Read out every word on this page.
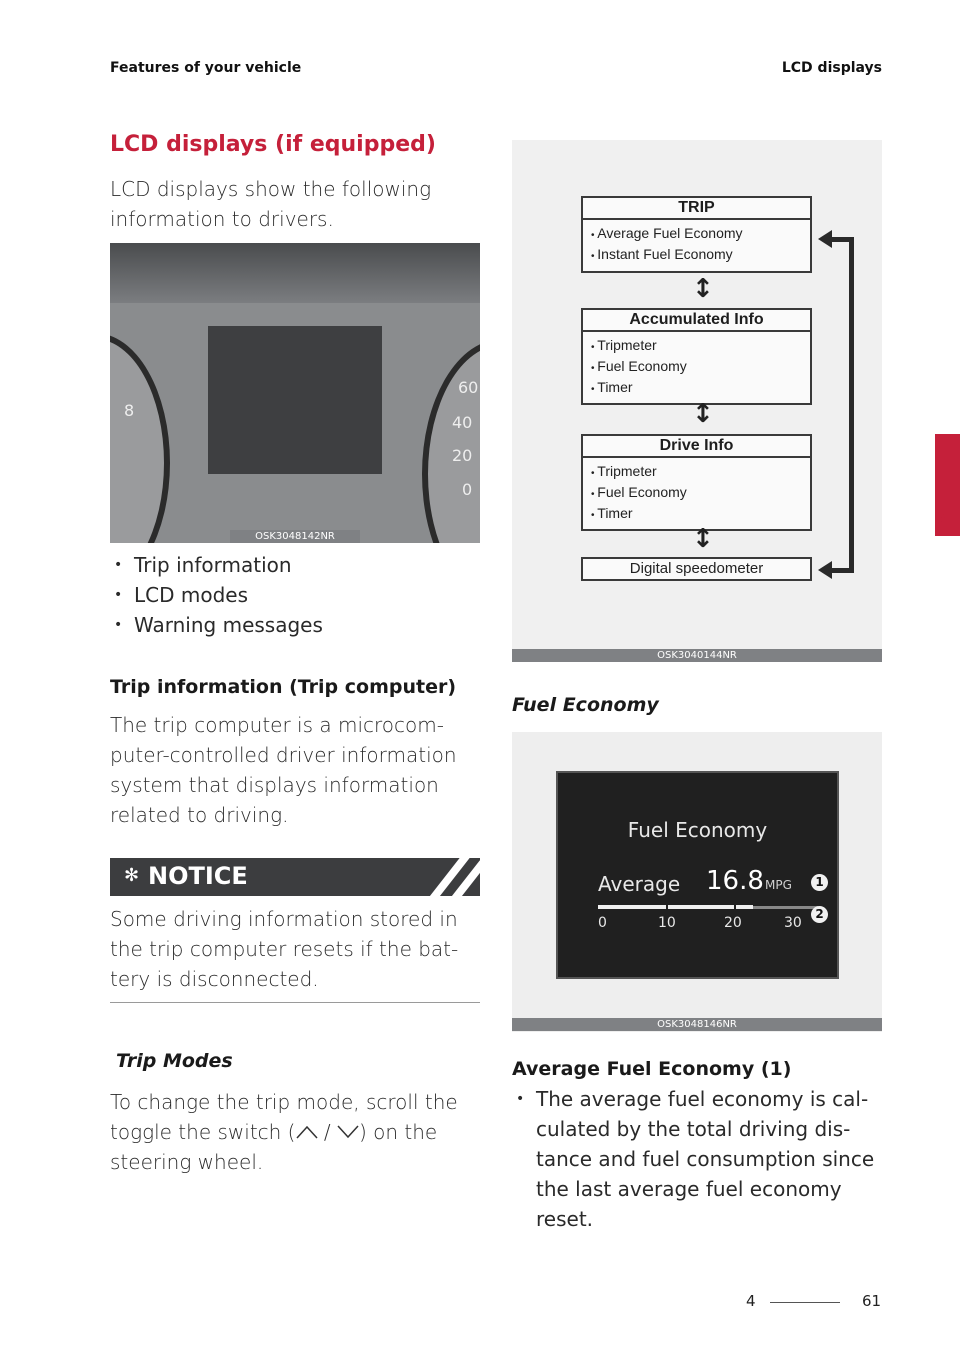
Features of your vehicle	LCD displays
4
LCD displays (if equipped)
LCD displays show the following
information to drivers.
8
60
40
20
0
OSK3048142NR
• Trip information
• LCD modes
• Warning messages
Trip information (Trip computer)
The trip computer is a microcom-
puter-controlled driver information
system that displays information
related to driving.
✻ NOTICE
Some driving information stored in
the trip computer resets if the bat-
tery is disconnected.
Trip Modes
To change the trip mode, scroll the
toggle the switch ( / ) on the
steering wheel.
TRIP
• Average Fuel Economy
• Instant Fuel Economy
↕
Accumulated Info
• Tripmeter
• Fuel Economy
• Timer
↕
Drive Info
• Tripmeter
• Fuel Economy
• Timer
↕
Digital speedometer
OSK3040144NR
Fuel Economy
Fuel Economy
Average 16.8 MPG	1
2
0	10	20	30
OSK3048146NR
Average Fuel Economy (1)
• The average fuel economy is cal-
culated by the total driving dis-
tance and fuel consumption since
the last average fuel economy
reset.
4	61
